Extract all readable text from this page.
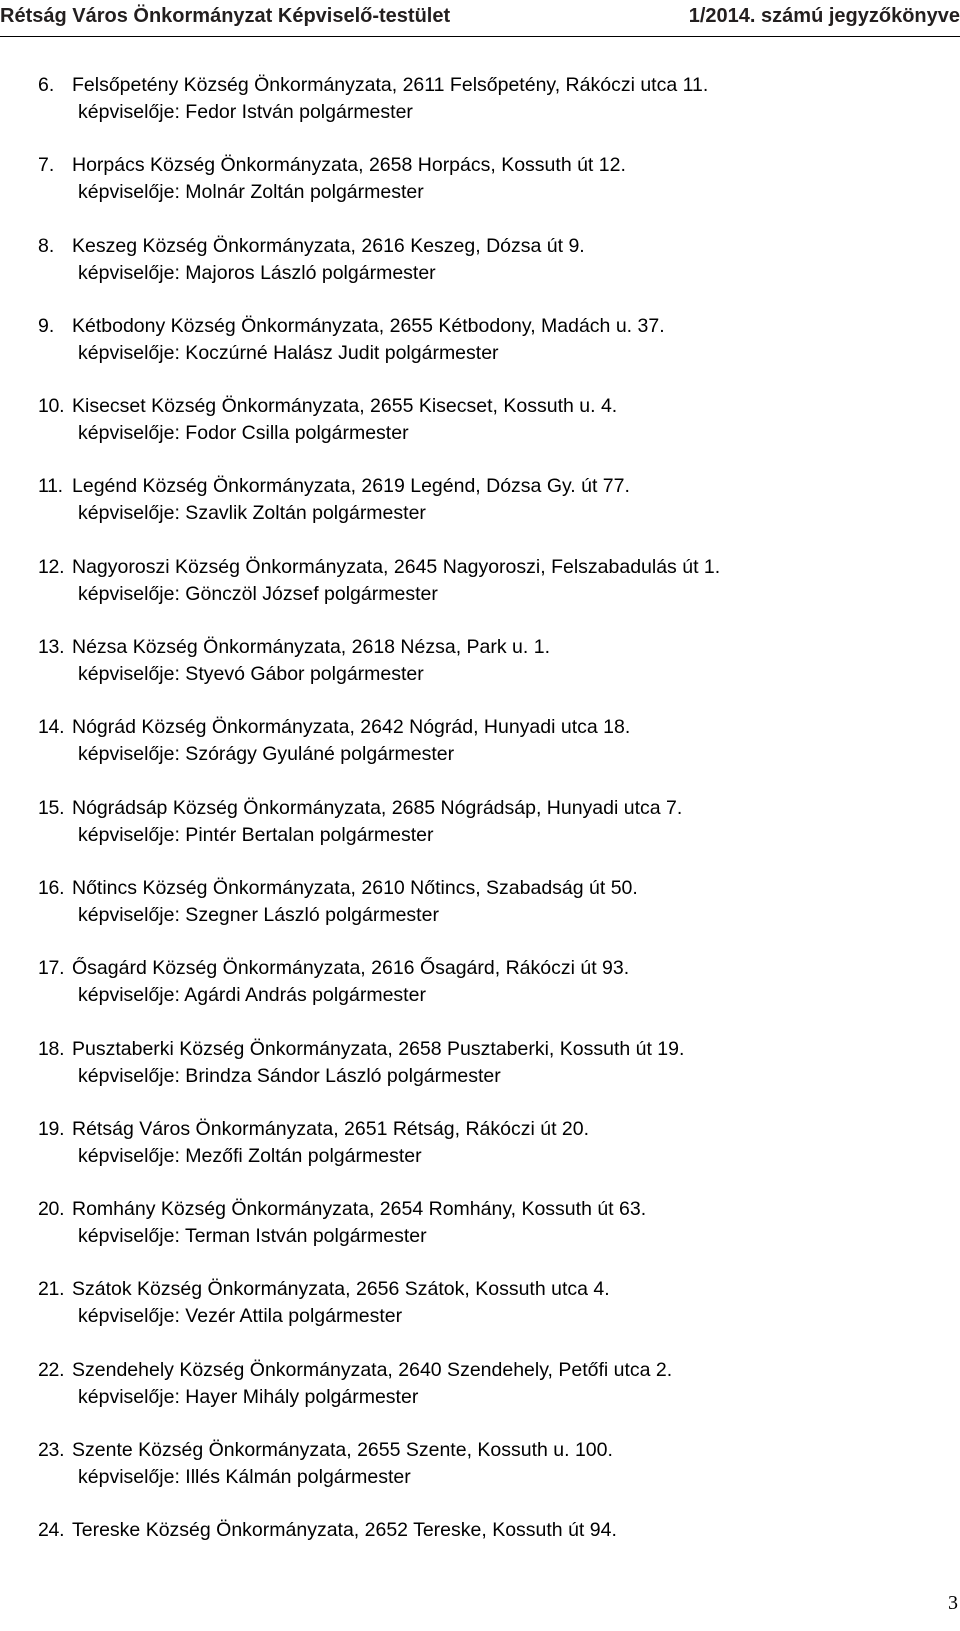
Rétság Város Önkormányzat Képviselő-testület	1/2014. számú jegyzőkönyve
6. Felsőpetény Község Önkormányzata, 2611 Felsőpetény, Rákóczi utca 11.
képviselője: Fedor István polgármester
7. Horpács Község Önkormányzata, 2658 Horpács, Kossuth út 12.
képviselője: Molnár Zoltán polgármester
8. Keszeg Község Önkormányzata, 2616 Keszeg, Dózsa út 9.
képviselője: Majoros László polgármester
9. Kétbodony Község Önkormányzata, 2655 Kétbodony, Madách u. 37.
képviselője: Koczúrné Halász Judit polgármester
10. Kisecset Község Önkormányzata, 2655 Kisecset, Kossuth u. 4.
képviselője: Fodor Csilla polgármester
11. Legénd Község Önkormányzata, 2619 Legénd, Dózsa Gy. út 77.
képviselője: Szavlik Zoltán polgármester
12. Nagyoroszi Község Önkormányzata, 2645 Nagyoroszi, Felszabadulás út 1.
képviselője: Gönczöl József polgármester
13. Nézsa Község Önkormányzata, 2618 Nézsa, Park u. 1.
képviselője: Styevó Gábor polgármester
14. Nógrád Község Önkormányzata, 2642 Nógrád, Hunyadi utca 18.
képviselője: Szórágy Gyuláné polgármester
15. Nógrádsáp Község Önkormányzata, 2685 Nógrádsáp, Hunyadi utca 7.
képviselője: Pintér Bertalan polgármester
16. Nőtincs Község Önkormányzata, 2610 Nőtincs, Szabadság út 50.
képviselője: Szegner László polgármester
17. Ősagárd Község Önkormányzata, 2616 Ősagárd, Rákóczi út 93.
képviselője: Agárdi András polgármester
18. Pusztaberki Község Önkormányzata, 2658 Pusztaberki, Kossuth út 19.
képviselője: Brindza Sándor László polgármester
19. Rétság Város Önkormányzata, 2651 Rétság, Rákóczi út 20.
képviselője: Mezőfi Zoltán polgármester
20. Romhány Község Önkormányzata, 2654 Romhány, Kossuth út 63.
képviselője: Terman István polgármester
21. Szátok Község Önkormányzata, 2656 Szátok, Kossuth utca 4.
képviselője: Vezér Attila polgármester
22. Szendehely Község Önkormányzata, 2640 Szendehely, Petőfi utca 2.
képviselője: Hayer Mihály polgármester
23. Szente Község Önkormányzata, 2655 Szente, Kossuth u. 100.
képviselője: Illés Kálmán polgármester
24. Tereske Község Önkormányzata, 2652 Tereske, Kossuth út 94.
3
